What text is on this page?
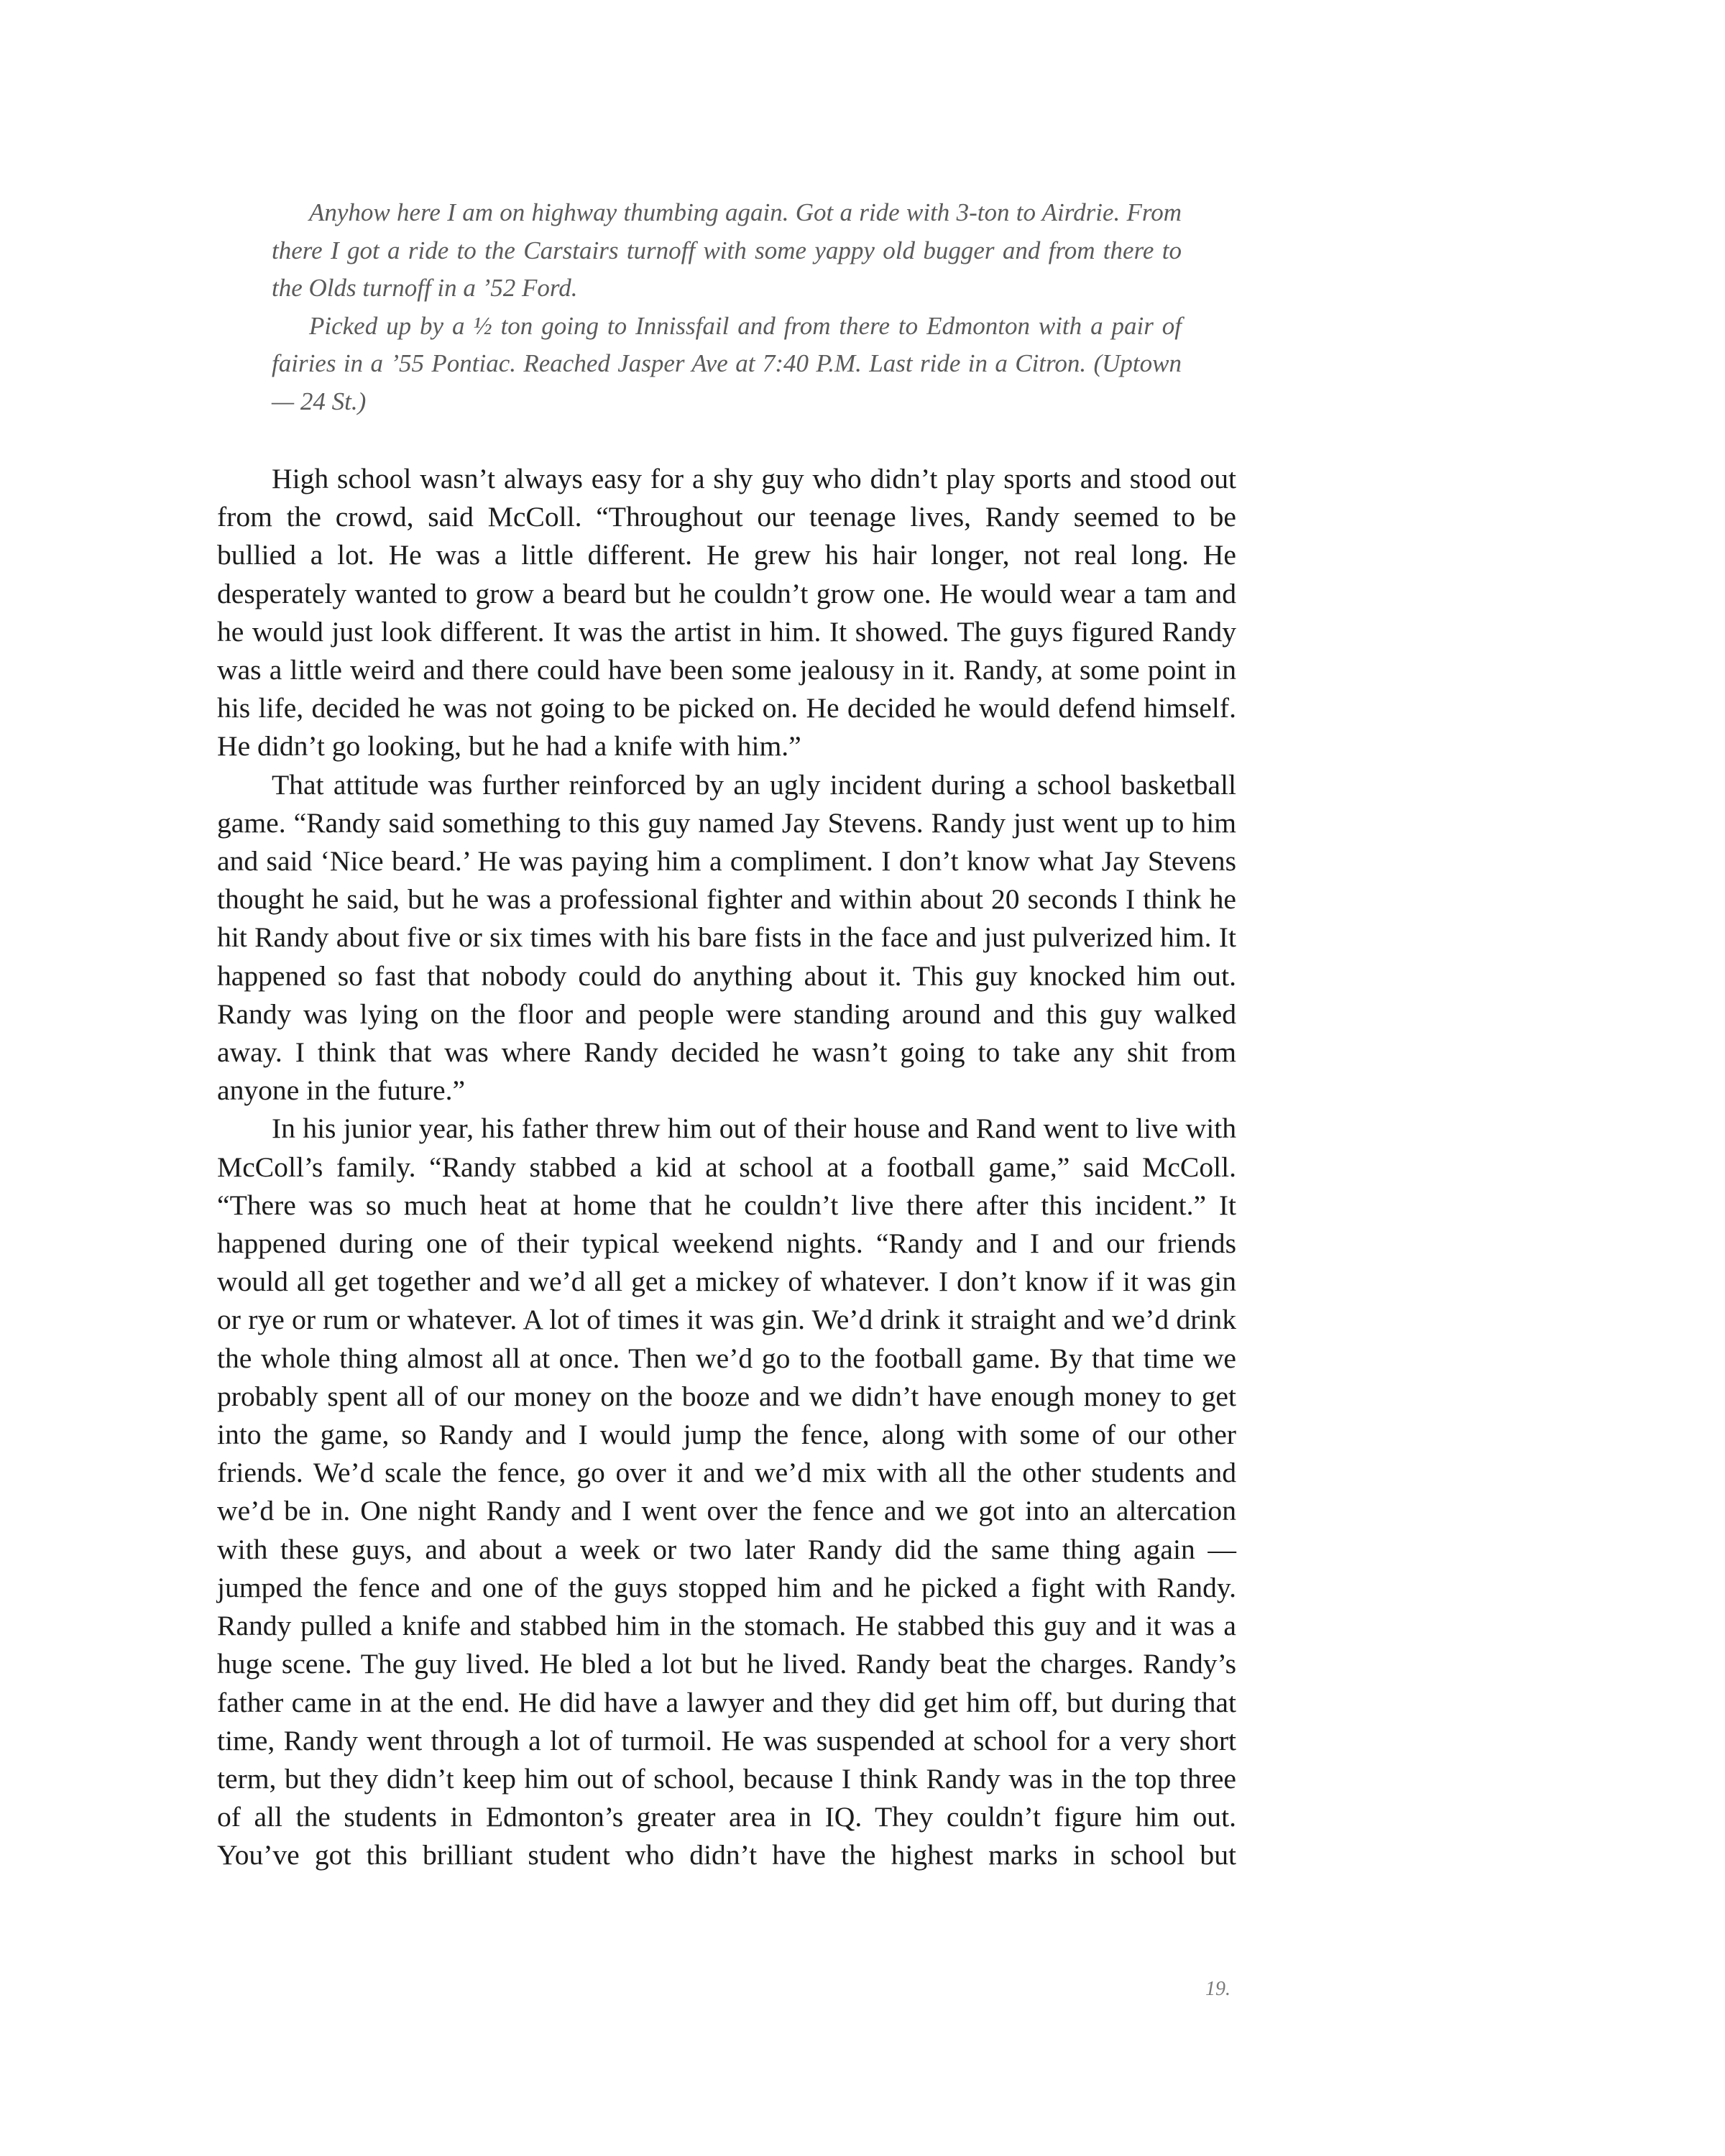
Anyhow here I am on highway thumbing again. Got a ride with 3-ton to Airdrie. From there I got a ride to the Carstairs turnoff with some yappy old bugger and from there to the Olds turnoff in a ’52 Ford.

Picked up by a ½ ton going to Innissfail and from there to Edmonton with a pair of fairies in a ’55 Pontiac. Reached Jasper Ave at 7:40 P.M. Last ride in a Citron. (Uptown — 24 St.)

High school wasn’t always easy for a shy guy who didn’t play sports and stood out from the crowd, said McColl. “Throughout our teenage lives, Randy seemed to be bullied a lot. He was a little different. He grew his hair longer, not real long. He desperately wanted to grow a beard but he couldn’t grow one. He would wear a tam and he would just look different. It was the artist in him. It showed. The guys figured Randy was a little weird and there could have been some jealousy in it. Randy, at some point in his life, decided he was not going to be picked on. He decided he would defend himself. He didn’t go looking, but he had a knife with him.”

That attitude was further reinforced by an ugly incident during a school basketball game. “Randy said something to this guy named Jay Stevens. Randy just went up to him and said ‘Nice beard.’ He was paying him a compliment. I don’t know what Jay Stevens thought he said, but he was a professional fighter and within about 20 seconds I think he hit Randy about five or six times with his bare fists in the face and just pulverized him. It happened so fast that nobody could do anything about it. This guy knocked him out. Randy was lying on the floor and people were standing around and this guy walked away. I think that was where Randy decided he wasn’t going to take any shit from anyone in the future.”

In his junior year, his father threw him out of their house and Rand went to live with McColl’s family. “Randy stabbed a kid at school at a football game,” said McColl. “There was so much heat at home that he couldn’t live there after this incident.” It happened during one of their typical weekend nights. “Randy and I and our friends would all get together and we’d all get a mickey of whatever. I don’t know if it was gin or rye or rum or whatever. A lot of times it was gin. We’d drink it straight and we’d drink the whole thing almost all at once. Then we’d go to the football game. By that time we probably spent all of our money on the booze and we didn’t have enough money to get into the game, so Randy and I would jump the fence, along with some of our other friends. We’d scale the fence, go over it and we’d mix with all the other students and we’d be in. One night Randy and I went over the fence and we got into an altercation with these guys, and about a week or two later Randy did the same thing again — jumped the fence and one of the guys stopped him and he picked a fight with Randy. Randy pulled a knife and stabbed him in the stomach. He stabbed this guy and it was a huge scene. The guy lived. He bled a lot but he lived. Randy beat the charges. Randy’s father came in at the end. He did have a lawyer and they did get him off, but during that time, Randy went through a lot of turmoil. He was suspended at school for a very short term, but they didn’t keep him out of school, because I think Randy was in the top three of all the students in Edmonton’s greater area in IQ. They couldn’t figure him out. You’ve got this brilliant student who didn’t have the highest marks in school but

19.
